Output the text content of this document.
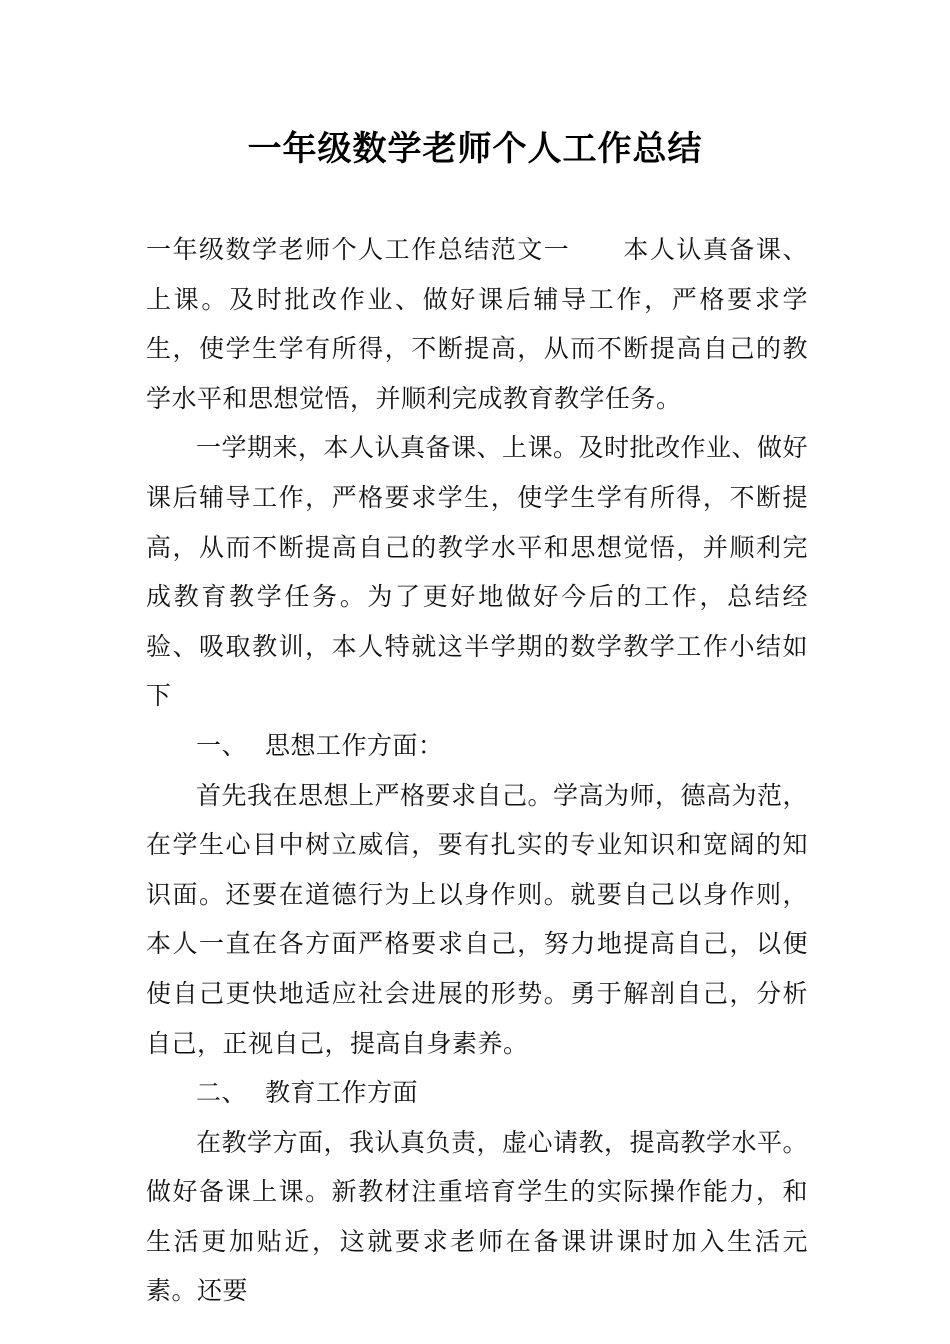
一年级数学老师个人工作总结

一年级数学老师个人工作总结范文一 本人认真备课、上课。及时批改作业、做好课后辅导工作，严格要求学生，使学生学有所得，不断提高，从而不断提高自己的教学水平和思想觉悟，并顺利完成教育教学任务。

一学期来，本人认真备课、上课。及时批改作业、做好课后辅导工作，严格要求学生，使学生学有所得，不断提高，从而不断提高自己的教学水平和思想觉悟，并顺利完成教育教学任务。为了更好地做好今后的工作，总结经验、吸取教训，本人特就这半学期的数学教学工作小结如下

一、 思想工作方面：

首先我在思想上严格要求自己。学高为师，德高为范，在学生心目中树立威信，要有扎实的专业知识和宽阔的知识面。还要在道德行为上以身作则。就要自己以身作则，本人一直在各方面严格要求自己，努力地提高自己，以便使自己更快地适应社会进展的形势。勇于解剖自己，分析自己，正视自己，提高自身素养。

二、 教育工作方面

在教学方面，我认真负责，虚心请教，提高教学水平。做好备课上课。新教材注重培育学生的实际操作能力，和生活更加贴近，这就要求老师在备课讲课时加入生活元素。还要
